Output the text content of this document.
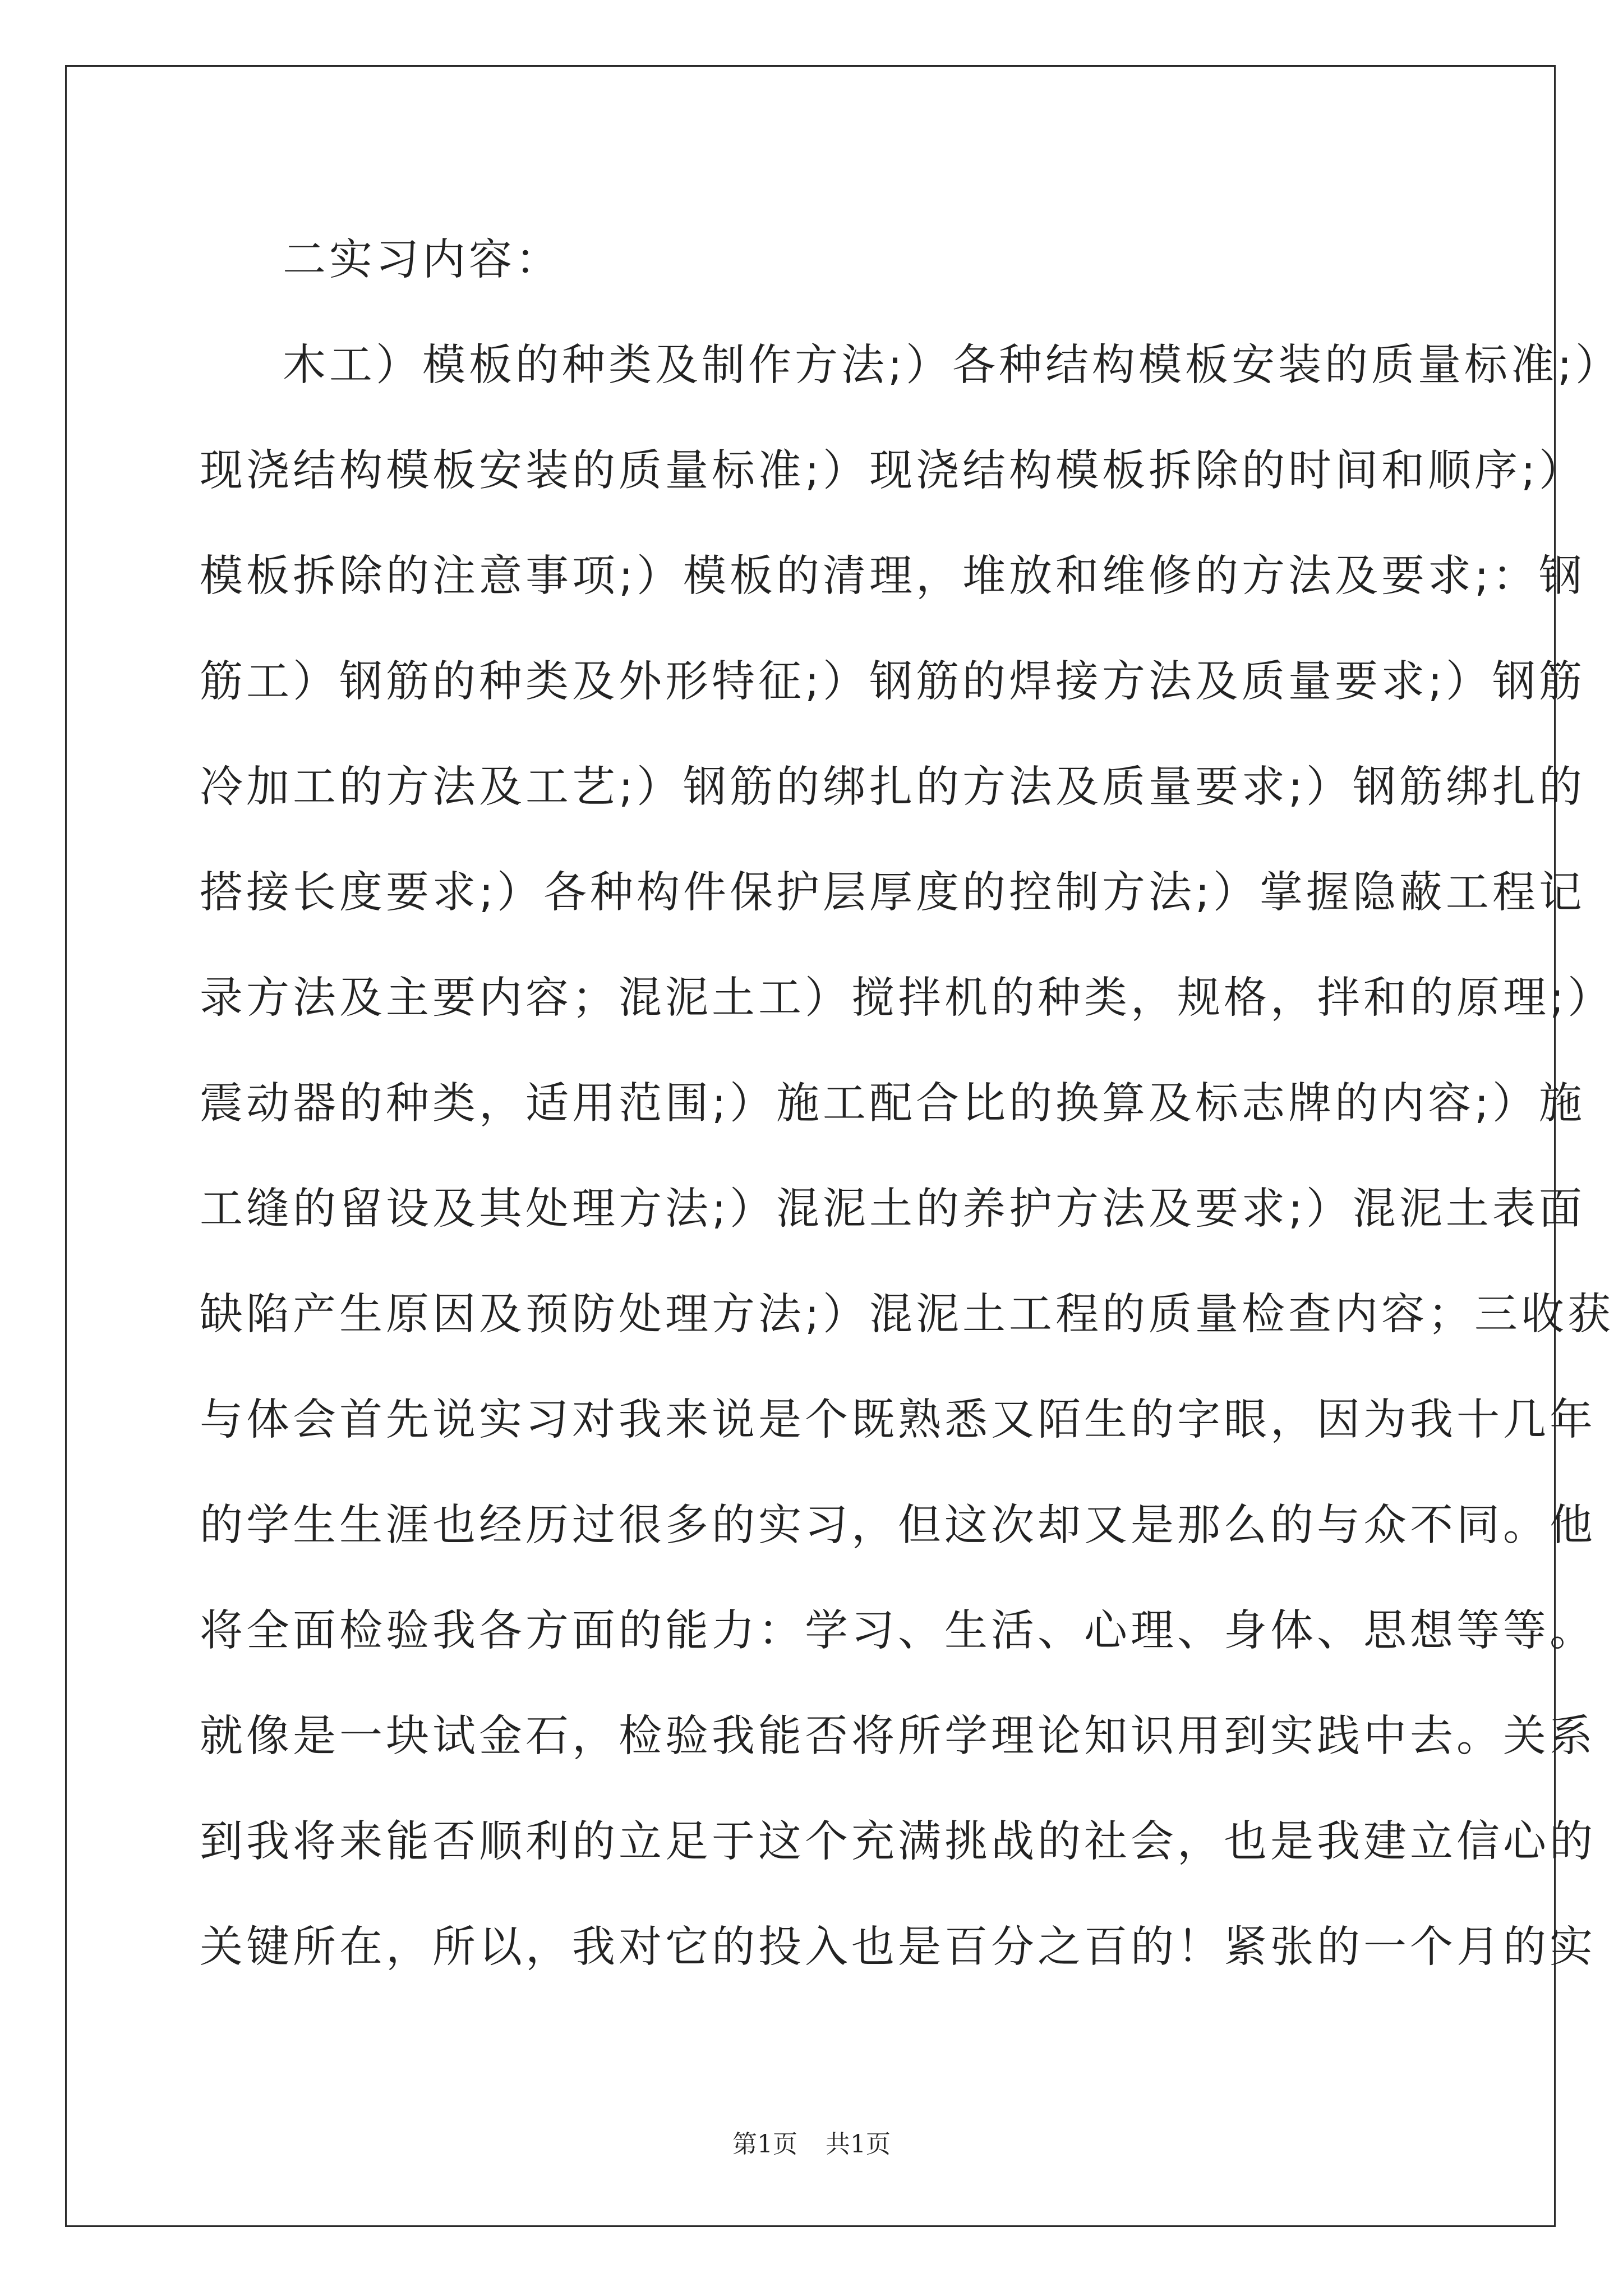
二实习内容：

木工）模板的种类及制作方法;）各种结构模板安装的质量标准;）

现浇结构模板安装的质量标准;）现浇结构模板拆除的时间和顺序;）

模板拆除的注意事项;）模板的清理，堆放和维修的方法及要求;：钢

筋工）钢筋的种类及外形特征;）钢筋的焊接方法及质量要求;）钢筋

冷加工的方法及工艺;）钢筋的绑扎的方法及质量要求;）钢筋绑扎的

搭接长度要求;）各种构件保护层厚度的控制方法;）掌握隐蔽工程记

录方法及主要内容；混泥土工）搅拌机的种类，规格，拌和的原理;）

震动器的种类，适用范围;）施工配合比的换算及标志牌的内容;）施

工缝的留设及其处理方法;）混泥土的养护方法及要求;）混泥土表面

缺陷产生原因及预防处理方法;）混泥土工程的质量检查内容；三收获

与体会首先说实习对我来说是个既熟悉又陌生的字眼，因为我十几年

的学生生涯也经历过很多的实习，但这次却又是那么的与众不同。他

将全面检验我各方面的能力：学习、生活、心理、身体、思想等等。

就像是一块试金石，检验我能否将所学理论知识用到实践中去。关系

到我将来能否顺利的立足于这个充满挑战的社会，也是我建立信心的

关键所在，所以，我对它的投入也是百分之百的！紧张的一个月的实

第1页 共1页
